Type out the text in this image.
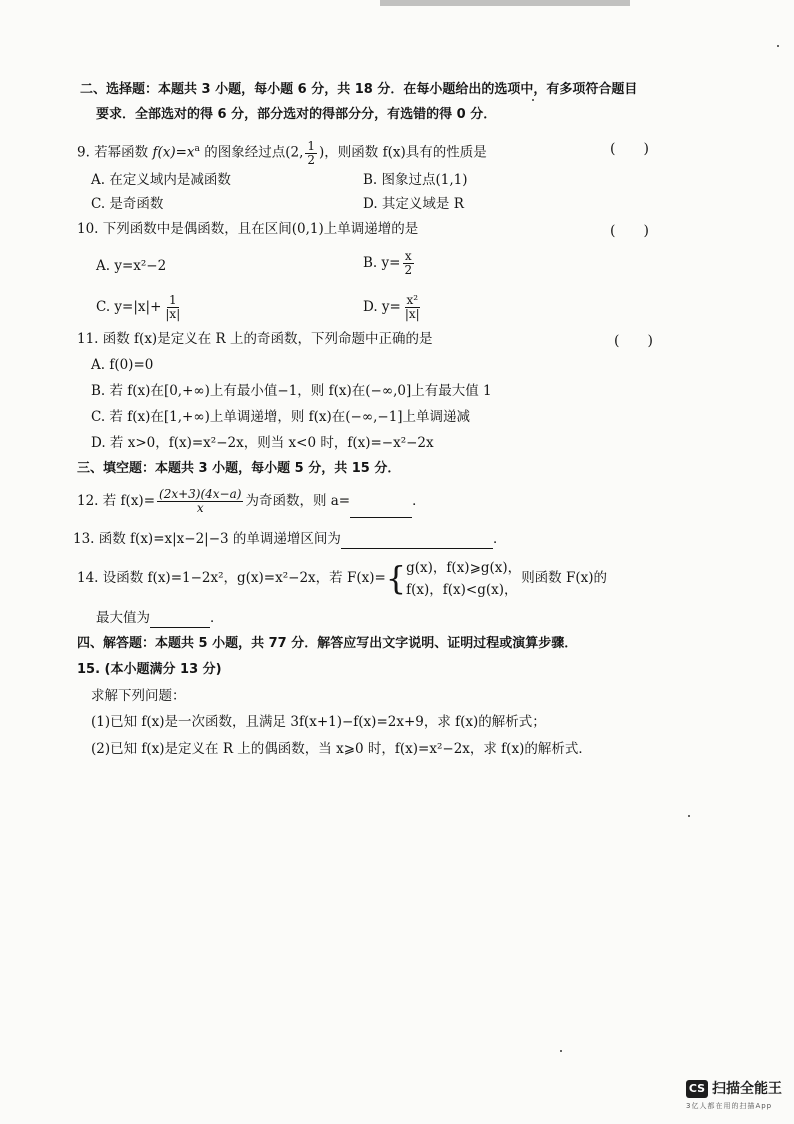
二、选择题：本题共 3 小题，每小题 6 分，共 18 分．在每小题给出的选项中，有多项符合题目
要求．全部选对的得 6 分，部分选对的得部分分，有选错的得 0 分．
9. 若幂函数 $f(x)=x^a$ 的图象经过点(2, $\frac{1}{2}$ )，则函数 f(x)具有的性质是	(　　)
A. 在定义域内是减函数	B. 图象过点(1,1)
C. 是奇函数	D. 其定义域是 R
10. 下列函数中是偶函数，且在区间(0,1)上单调递增的是	(　　)
A. y=x²−2	B. $y= \frac{x}{2}$
C. $y=|x|+ \frac{1}{|x|}$	D. $y= \frac{\text{x²}}{|x|}$
11. 函数 f(x)是定义在 R 上的奇函数，下列命题中正确的是	(　　)
A. f(0)=0
B. 若 f(x)在[0,+∞)上有最小值−1，则 f(x)在(−∞,0]上有最大值 1
C. 若 f(x)在[1,+∞)上单调递增，则 f(x)在(−∞,−1]上单调递减
D. 若 x>0，f(x)=x²−2x，则当 x<0 时，f(x)=−x²−2x
三、填空题：本题共 3 小题，每小题 5 分，共 15 分．
12. 若 $f(x)= \frac{(2x+3)(4x-a)}{x}$ 为奇函数，则 a=	．
13. 函数 f(x)=x|x−2|−3 的单调递增区间为	．
14. 设函数 f(x)=1−2x²，g(x)=x²−2x，若 F(x)={ g(x)，f(x)⩾g(x)，
f(x)，f(x)<g(x)，
则函数 F(x)的
最大值为	．
四、解答题：本题共 5 小题，共 77 分．解答应写出文字说明、证明过程或演算步骤．
15. (本小题满分 13 分)
求解下列问题：
(1)已知 f(x)是一次函数，且满足 3f(x+1)−f(x)=2x+9，求 f(x)的解析式；
(2)已知 f(x)是定义在 R 上的偶函数，当 x⩾0 时，f(x)=x²−2x，求 f(x)的解析式．
CS 扫描全能王
3亿人都在用的扫描App
